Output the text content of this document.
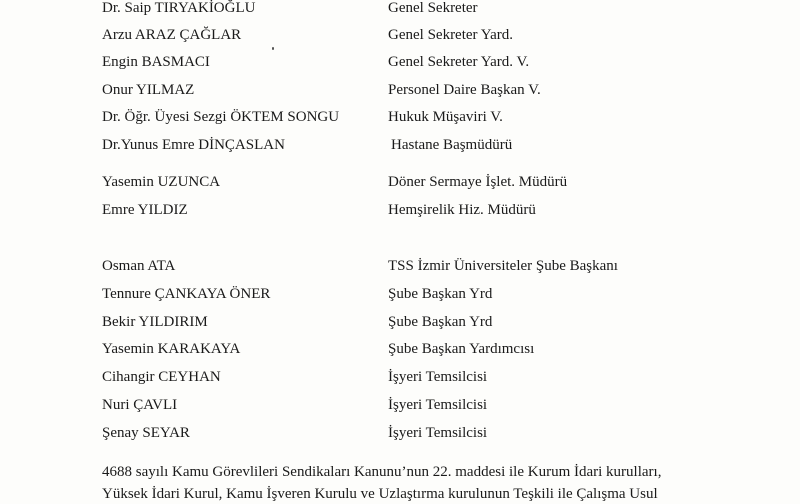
Dr. Saip TIRYAKİOĞLU	Genel Sekreter
Arzu ARAZ ÇAĞLAR	Genel Sekreter Yard.
Engin BASMACI	Genel Sekreter Yard. V.
Onur YILMAZ	Personel Daire Başkan V.
Dr. Öğr. Üyesi Sezgi ÖKTEM SONGU	Hukuk Müşaviri V.
Dr.Yunus Emre DİNÇASLAN	Hastane Başmüdürü
Yasemin UZUNCA	Döner Sermaye İşlet. Müdürü
Emre YILDIZ	Hemşirelik Hiz. Müdürü
Osman ATA	TSS İzmir Üniversiteler Şube Başkanı
Tennure ÇANKAYA ÖNER	Şube Başkan Yrd
Bekir YILDIRIM	Şube Başkan Yrd
Yasemin KARAKAYA	Şube Başkan Yardımcısı
Cihangir CEYHAN	İşyeri Temsilcisi
Nuri ÇAVLI	İşyeri Temsilcisi
Şenay SEYAR	İşyeri Temsilcisi
4688 sayılı Kamu Görevlileri Sendikaları Kanunu’nun 22. maddesi ile Kurum İdari kurulları,
Yüksek İdari Kurul, Kamu İşveren Kurulu ve Uzlaştırma kurulunun Teşkili ile Çalışma Usul
